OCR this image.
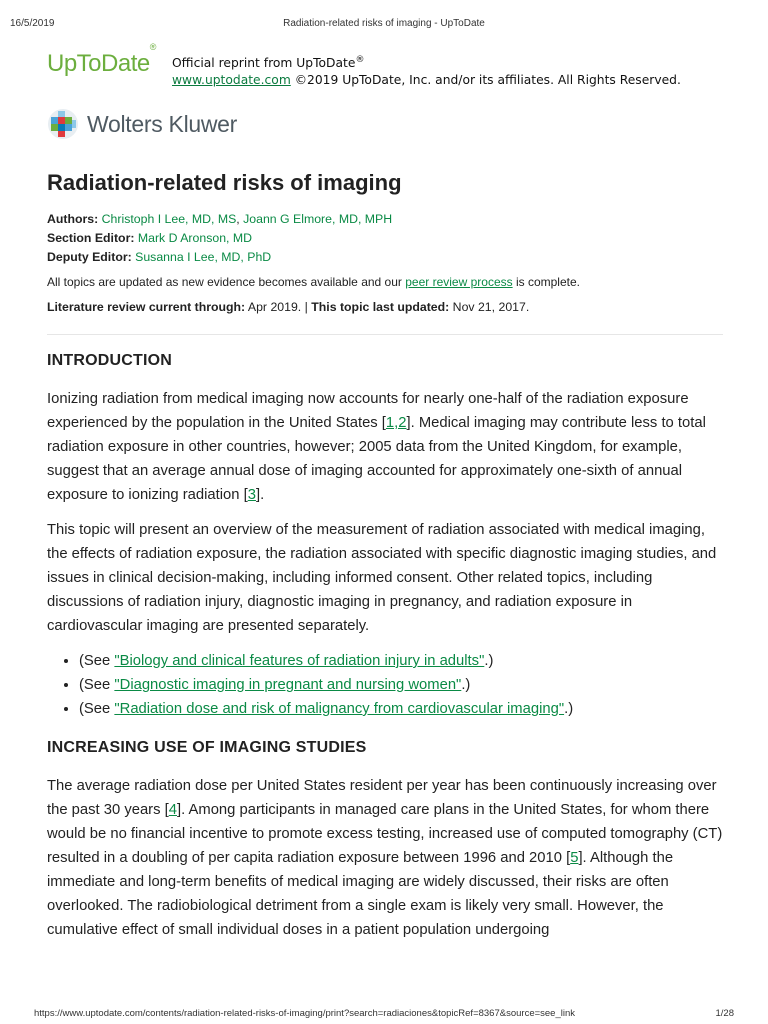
16/5/2019	Radiation-related risks of imaging - UpToDate
UpToDate®
Official reprint from UpToDate®
www.uptodate.com ©2019 UpToDate, Inc. and/or its affiliates. All Rights Reserved.
Wolters Kluwer
Radiation-related risks of imaging
Authors: Christoph I Lee, MD, MS, Joann G Elmore, MD, MPH
Section Editor: Mark D Aronson, MD
Deputy Editor: Susanna I Lee, MD, PhD
All topics are updated as new evidence becomes available and our peer review process is complete.
Literature review current through: Apr 2019. | This topic last updated: Nov 21, 2017.
INTRODUCTION

Ionizing radiation from medical imaging now accounts for nearly one-half of the radiation exposure experienced by the population in the United States [1,2]. Medical imaging may contribute less to total radiation exposure in other countries, however; 2005 data from the United Kingdom, for example, suggest that an average annual dose of imaging accounted for approximately one-sixth of annual exposure to ionizing radiation [3].

This topic will present an overview of the measurement of radiation associated with medical imaging, the effects of radiation exposure, the radiation associated with specific diagnostic imaging studies, and issues in clinical decision-making, including informed consent. Other related topics, including discussions of radiation injury, diagnostic imaging in pregnancy, and radiation exposure in cardiovascular imaging are presented separately.

• (See "Biology and clinical features of radiation injury in adults".)
• (See "Diagnostic imaging in pregnant and nursing women".)
• (See "Radiation dose and risk of malignancy from cardiovascular imaging".)
INCREASING USE OF IMAGING STUDIES

The average radiation dose per United States resident per year has been continuously increasing over the past 30 years [4]. Among participants in managed care plans in the United States, for whom there would be no financial incentive to promote excess testing, increased use of computed tomography (CT) resulted in a doubling of per capita radiation exposure between 1996 and 2010 [5]. Although the immediate and long-term benefits of medical imaging are widely discussed, their risks are often overlooked. The radiobiological detriment from a single exam is likely very small. However, the cumulative effect of small individual doses in a patient population undergoing

https://www.uptodate.com/contents/radiation-related-risks-of-imaging/print?search=radiaciones&topicRef=8367&source=see_link	1/28
